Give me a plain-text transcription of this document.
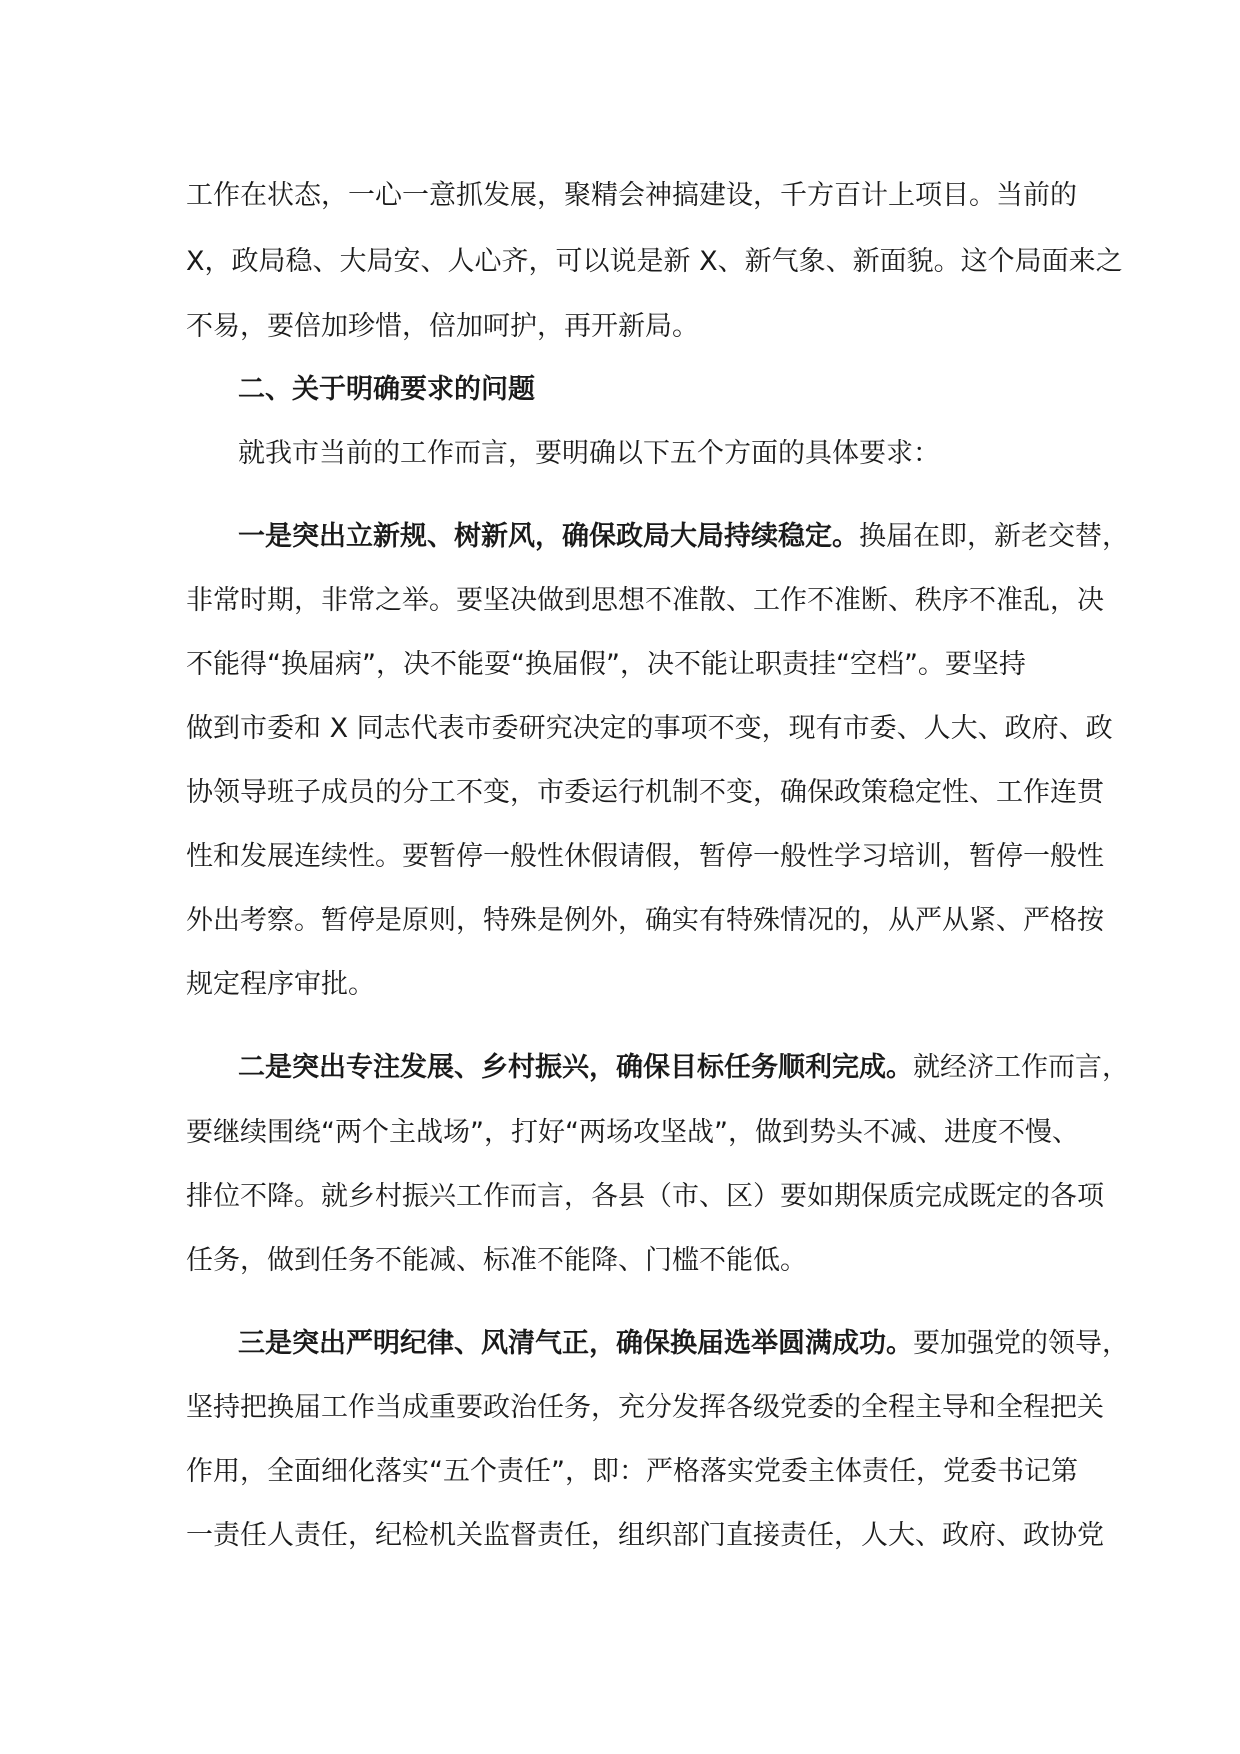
工作在状态，一心一意抓发展，聚精会神搞建设，千方百计上项目。当前的
X，政局稳、大局安、人心齐，可以说是新 X、新气象、新面貌。这个局面来之
不易，要倍加珍惜，倍加呵护，再开新局。
二、关于明确要求的问题
就我市当前的工作而言，要明确以下五个方面的具体要求：
一是突出立新规、树新风，确保政局大局持续稳定。换届在即，新老交替，
非常时期，非常之举。要坚决做到思想不准散、工作不准断、秩序不准乱，决
不能得“换届病”，决不能耍“换届假”，决不能让职责挂“空档”。要坚持
做到市委和 X 同志代表市委研究决定的事项不变，现有市委、人大、政府、政
协领导班子成员的分工不变，市委运行机制不变，确保政策稳定性、工作连贯
性和发展连续性。要暂停一般性休假请假，暂停一般性学习培训，暂停一般性
外出考察。暂停是原则，特殊是例外，确实有特殊情况的，从严从紧、严格按
规定程序审批。
二是突出专注发展、乡村振兴，确保目标任务顺利完成。就经济工作而言，
要继续围绕“两个主战场”，打好“两场攻坚战”，做到势头不减、进度不慢、
排位不降。就乡村振兴工作而言，各县（市、区）要如期保质完成既定的各项
任务，做到任务不能减、标准不能降、门槛不能低。
三是突出严明纪律、风清气正，确保换届选举圆满成功。要加强党的领导，
坚持把换届工作当成重要政治任务，充分发挥各级党委的全程主导和全程把关
作用，全面细化落实“五个责任”，即：严格落实党委主体责任，党委书记第
一责任人责任，纪检机关监督责任，组织部门直接责任，人大、政府、政协党
